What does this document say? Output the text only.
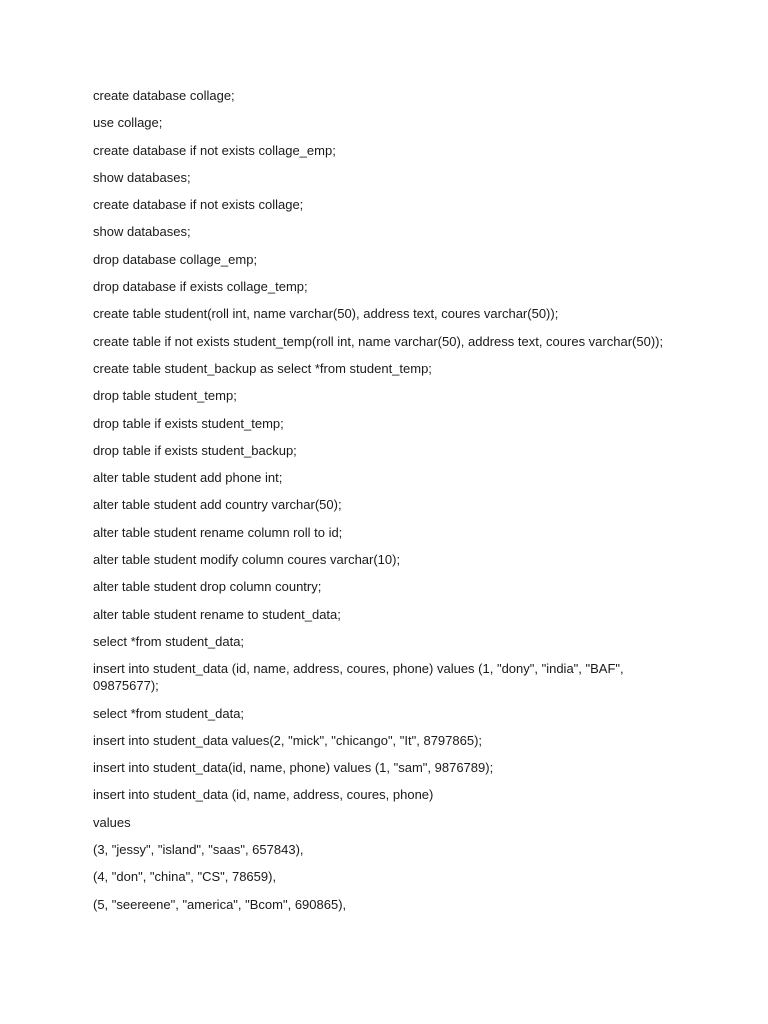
create database collage;

use collage;

create database if not exists collage_emp;

show databases;

create database if not exists collage;

show databases;

drop database collage_emp;

drop database if exists collage_temp;

create table student(roll int, name varchar(50), address text, coures varchar(50));

create table if not exists student_temp(roll int, name varchar(50), address text, coures varchar(50));

create table student_backup as select *from student_temp;

drop table student_temp;

drop table if exists student_temp;

drop table if exists student_backup;

alter table student add phone int;

alter table student add country varchar(50);

alter table student rename column roll to id;

alter table student modify column coures varchar(10);

alter table student drop column country;

alter table student rename to student_data;

select *from student_data;

insert into student_data (id, name, address, coures, phone) values (1, "dony", "india", "BAF", 09875677);

select *from student_data;

insert into student_data values(2, "mick", "chicango", "It", 8797865);

insert into student_data(id, name, phone) values (1, "sam", 9876789);

insert into student_data (id, name, address, coures, phone)

values

(3, "jessy", "island", "saas", 657843),

(4, "don", "china", "CS", 78659),

(5, "seereene", "america", "Bcom", 690865),
